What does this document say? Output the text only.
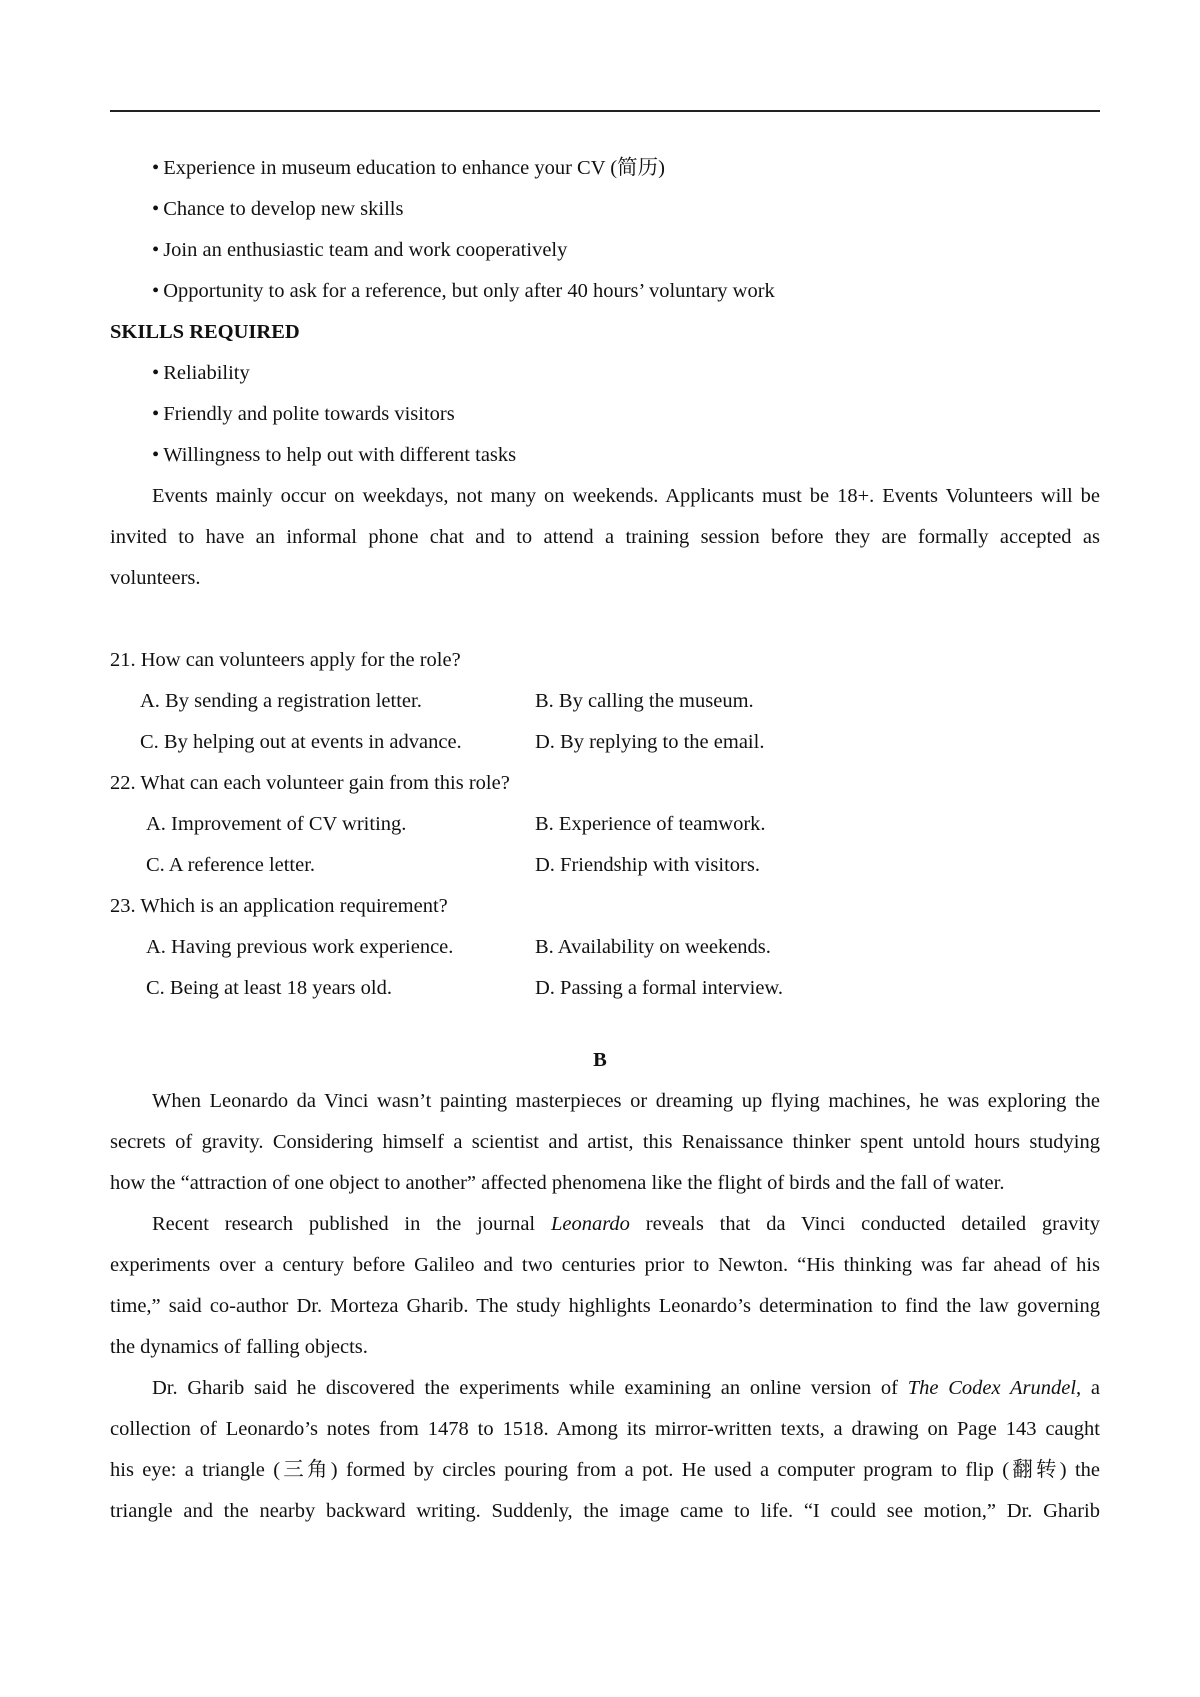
• Experience in museum education to enhance your CV (简历)
• Chance to develop new skills
• Join an enthusiastic team and work cooperatively
• Opportunity to ask for a reference, but only after 40 hours’ voluntary work
SKILLS REQUIRED
• Reliability
• Friendly and polite towards visitors
• Willingness to help out with different tasks
Events mainly occur on weekdays, not many on weekends. Applicants must be 18+. Events Volunteers will be
invited to have an informal phone chat and to attend a training session before they are formally accepted as
volunteers.
21. How can volunteers apply for the role?
A. By sending a registration letter.	B. By calling the museum.
C. By helping out at events in advance.	D. By replying to the email.
22. What can each volunteer gain from this role?
A. Improvement of CV writing.	B. Experience of teamwork.
C. A reference letter.	D. Friendship with visitors.
23. Which is an application requirement?
A. Having previous work experience.	B. Availability on weekends.
C. Being at least 18 years old.	D. Passing a formal interview.
B
When Leonardo da Vinci wasn’t painting masterpieces or dreaming up flying machines, he was exploring the
secrets of gravity. Considering himself a scientist and artist, this Renaissance thinker spent untold hours studying
how the “attraction of one object to another” affected phenomena like the flight of birds and the fall of water.
Recent research published in the journal Leonardo reveals that da Vinci conducted detailed gravity
experiments over a century before Galileo and two centuries prior to Newton. “His thinking was far ahead of his
time,” said co-author Dr. Morteza Gharib. The study highlights Leonardo’s determination to find the law governing
the dynamics of falling objects.
Dr. Gharib said he discovered the experiments while examining an online version of The Codex Arundel, a
collection of Leonardo’s notes from 1478 to 1518. Among its mirror-written texts, a drawing on Page 143 caught
his eye: a triangle (三角) formed by circles pouring from a pot. He used a computer program to flip (翻转) the
triangle and the nearby backward writing. Suddenly, the image came to life. “I could see motion,” Dr. Gharib
